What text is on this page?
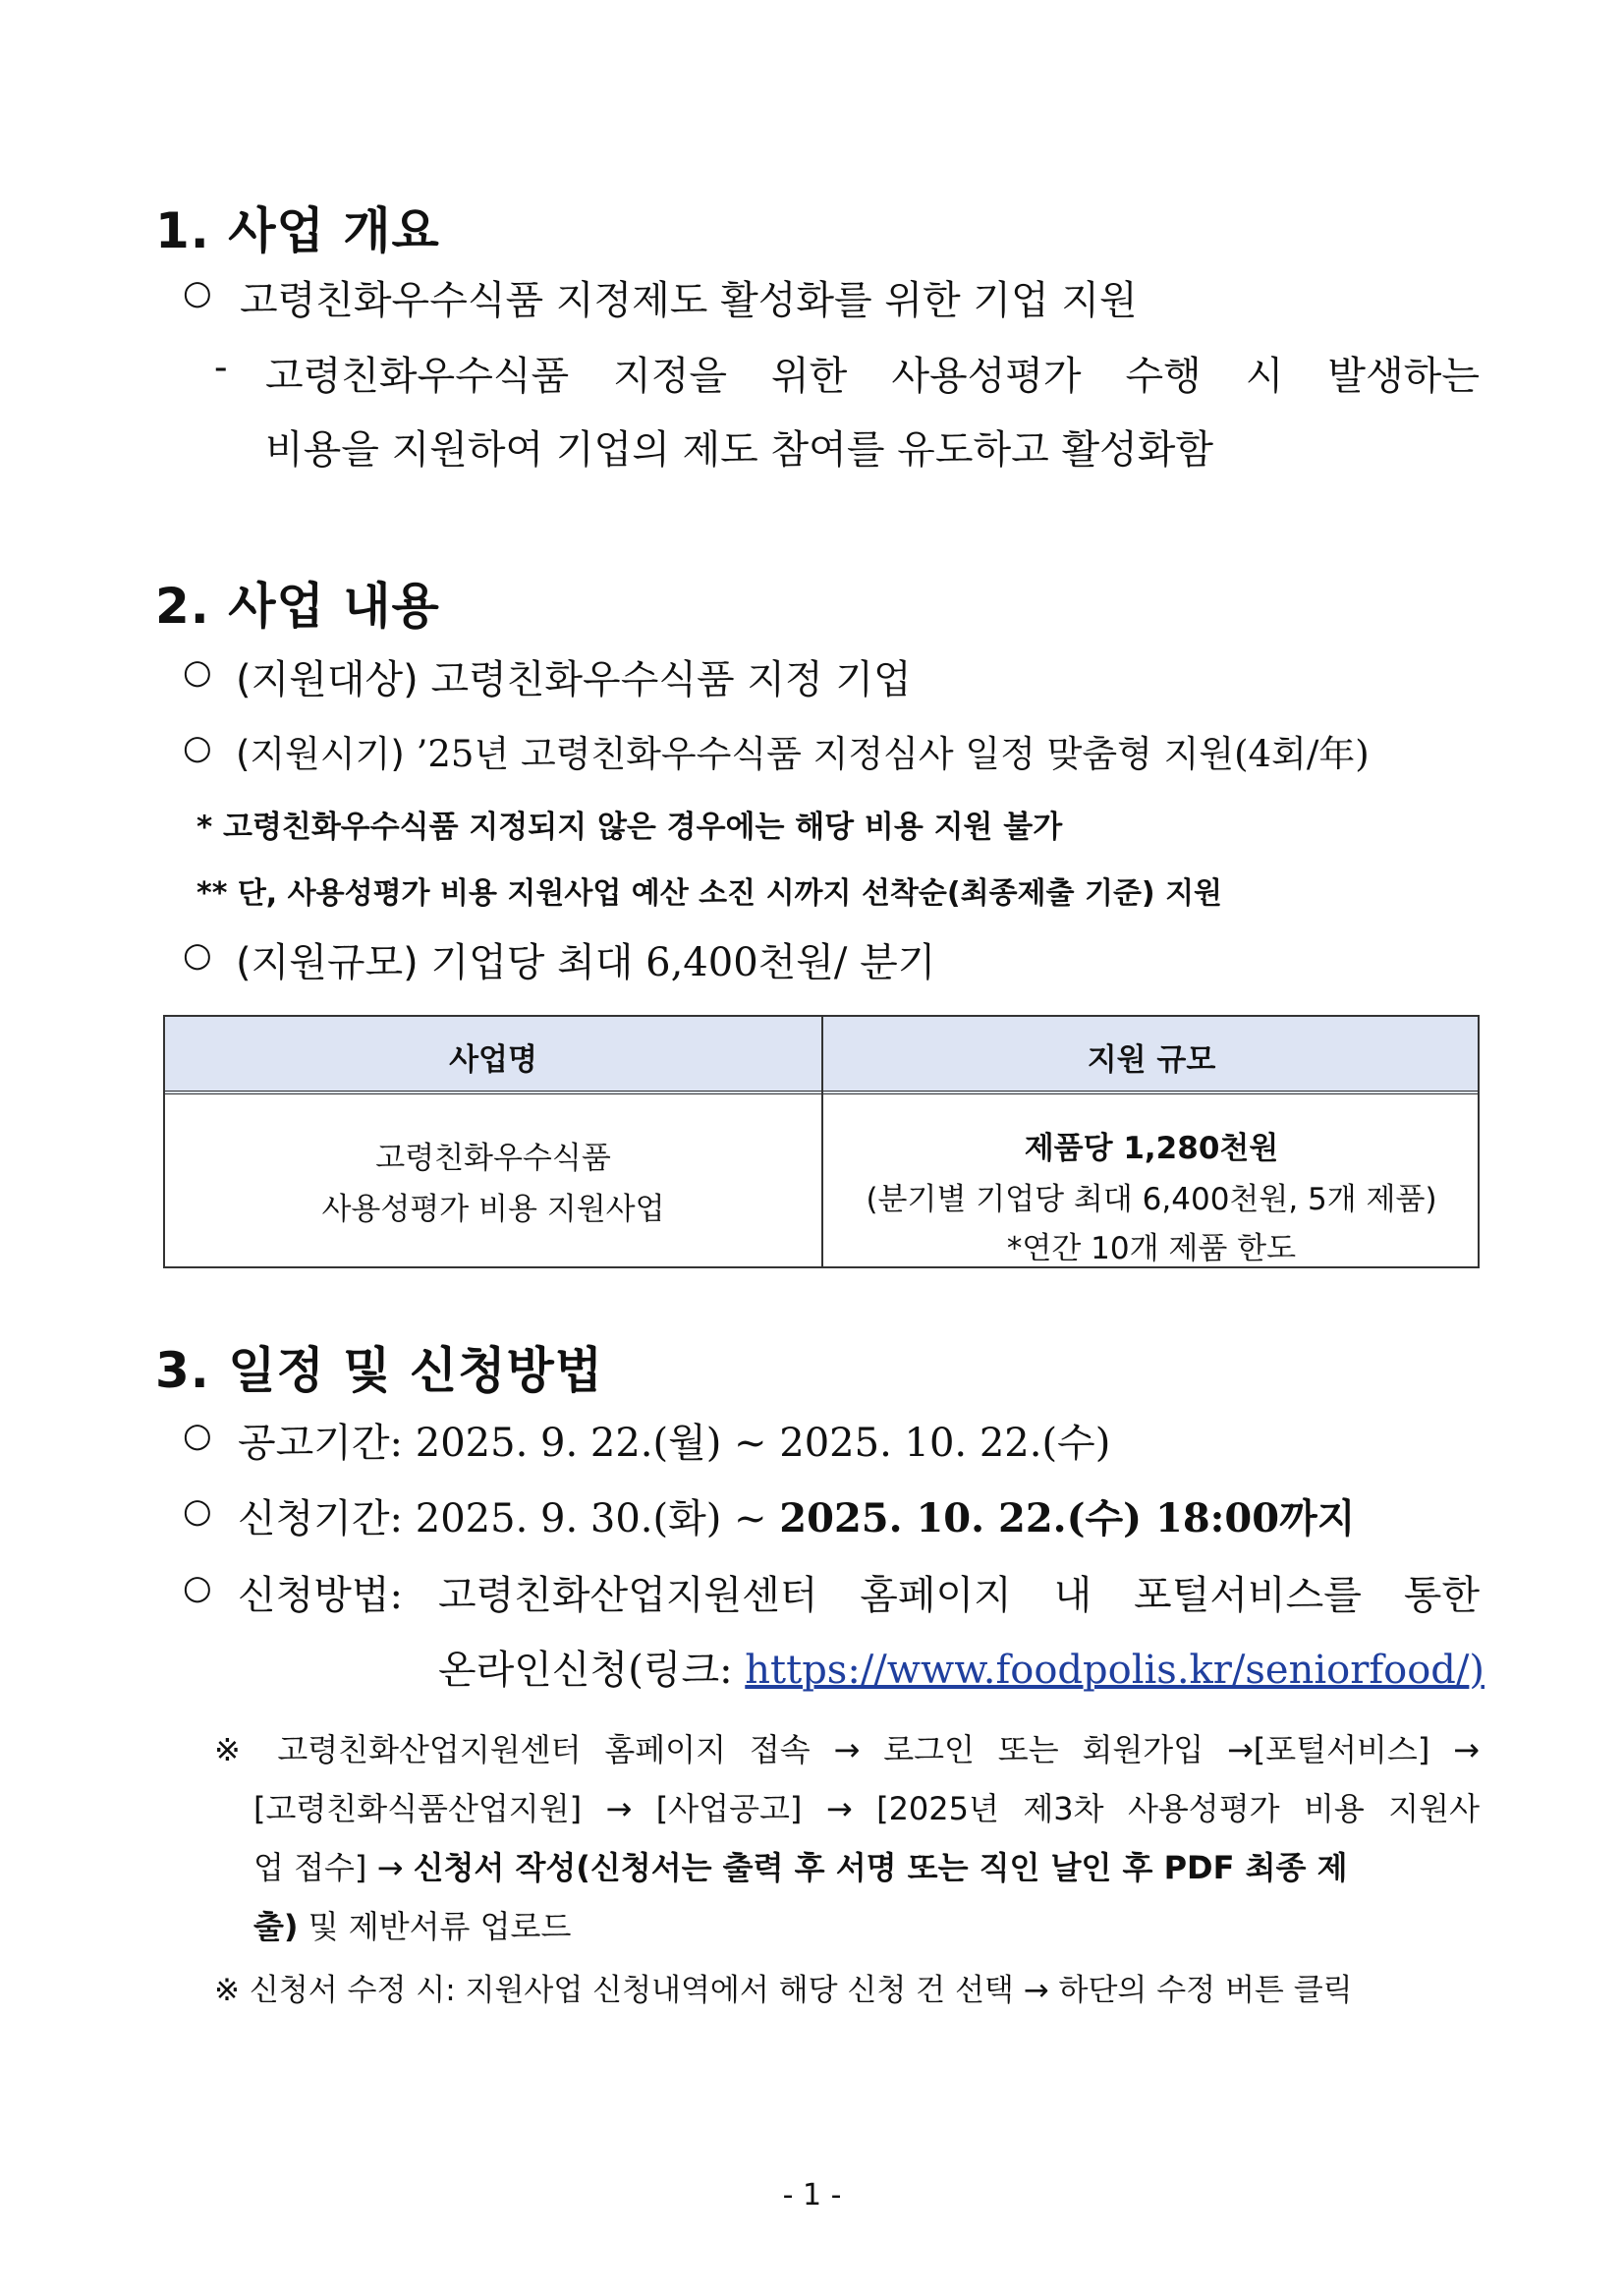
1. 사업 개요
○ 고령친화우수식품 지정제도 활성화를 위한 기업 지원
- 고령친화우수식품 지정을 위한 사용성평가 수행 시 발생하는
비용을 지원하여 기업의 제도 참여를 유도하고 활성화함
2. 사업 내용
○ (지원대상) 고령친화우수식품 지정 기업
○ (지원시기) ’25년 고령친화우수식품 지정심사 일정 맞춤형 지원(4회/年)
* 고령친화우수식품 지정되지 않은 경우에는 해당 비용 지원 불가
** 단, 사용성평가 비용 지원사업 예산 소진 시까지 선착순(최종제출 기준) 지원
○ (지원규모) 기업당 최대 6,400천원/ 분기
사업명	지원 규모
고령친화우수식품
사용성평가 비용 지원사업
제품당 1,280천원
(분기별 기업당 최대 6,400천원, 5개 제품)
*연간 10개 제품 한도
3. 일정 및 신청방법
○ 공고기간: 2025. 9. 22.(월) ~ 2025. 10. 22.(수)
○ 신청기간: 2025. 9. 30.(화) ~ 2025. 10. 22.(수) 18:00까지
○ 신청방법: 고령친화산업지원센터 홈페이지 내 포털서비스를 통한
온라인신청(링크: https://www.foodpolis.kr/seniorfood/)
※ 고령친화산업지원센터 홈페이지 접속 → 로그인 또는 회원가입 →[포털서비스] →
[고령친화식품산업지원] → [사업공고] → [2025년 제3차 사용성평가 비용 지원사
업 접수] → 신청서 작성(신청서는 출력 후 서명 또는 직인 날인 후 PDF 최종 제
출) 및 제반서류 업로드
※ 신청서 수정 시: 지원사업 신청내역에서 해당 신청 건 선택 → 하단의 수정 버튼 클릭
- 1 -
